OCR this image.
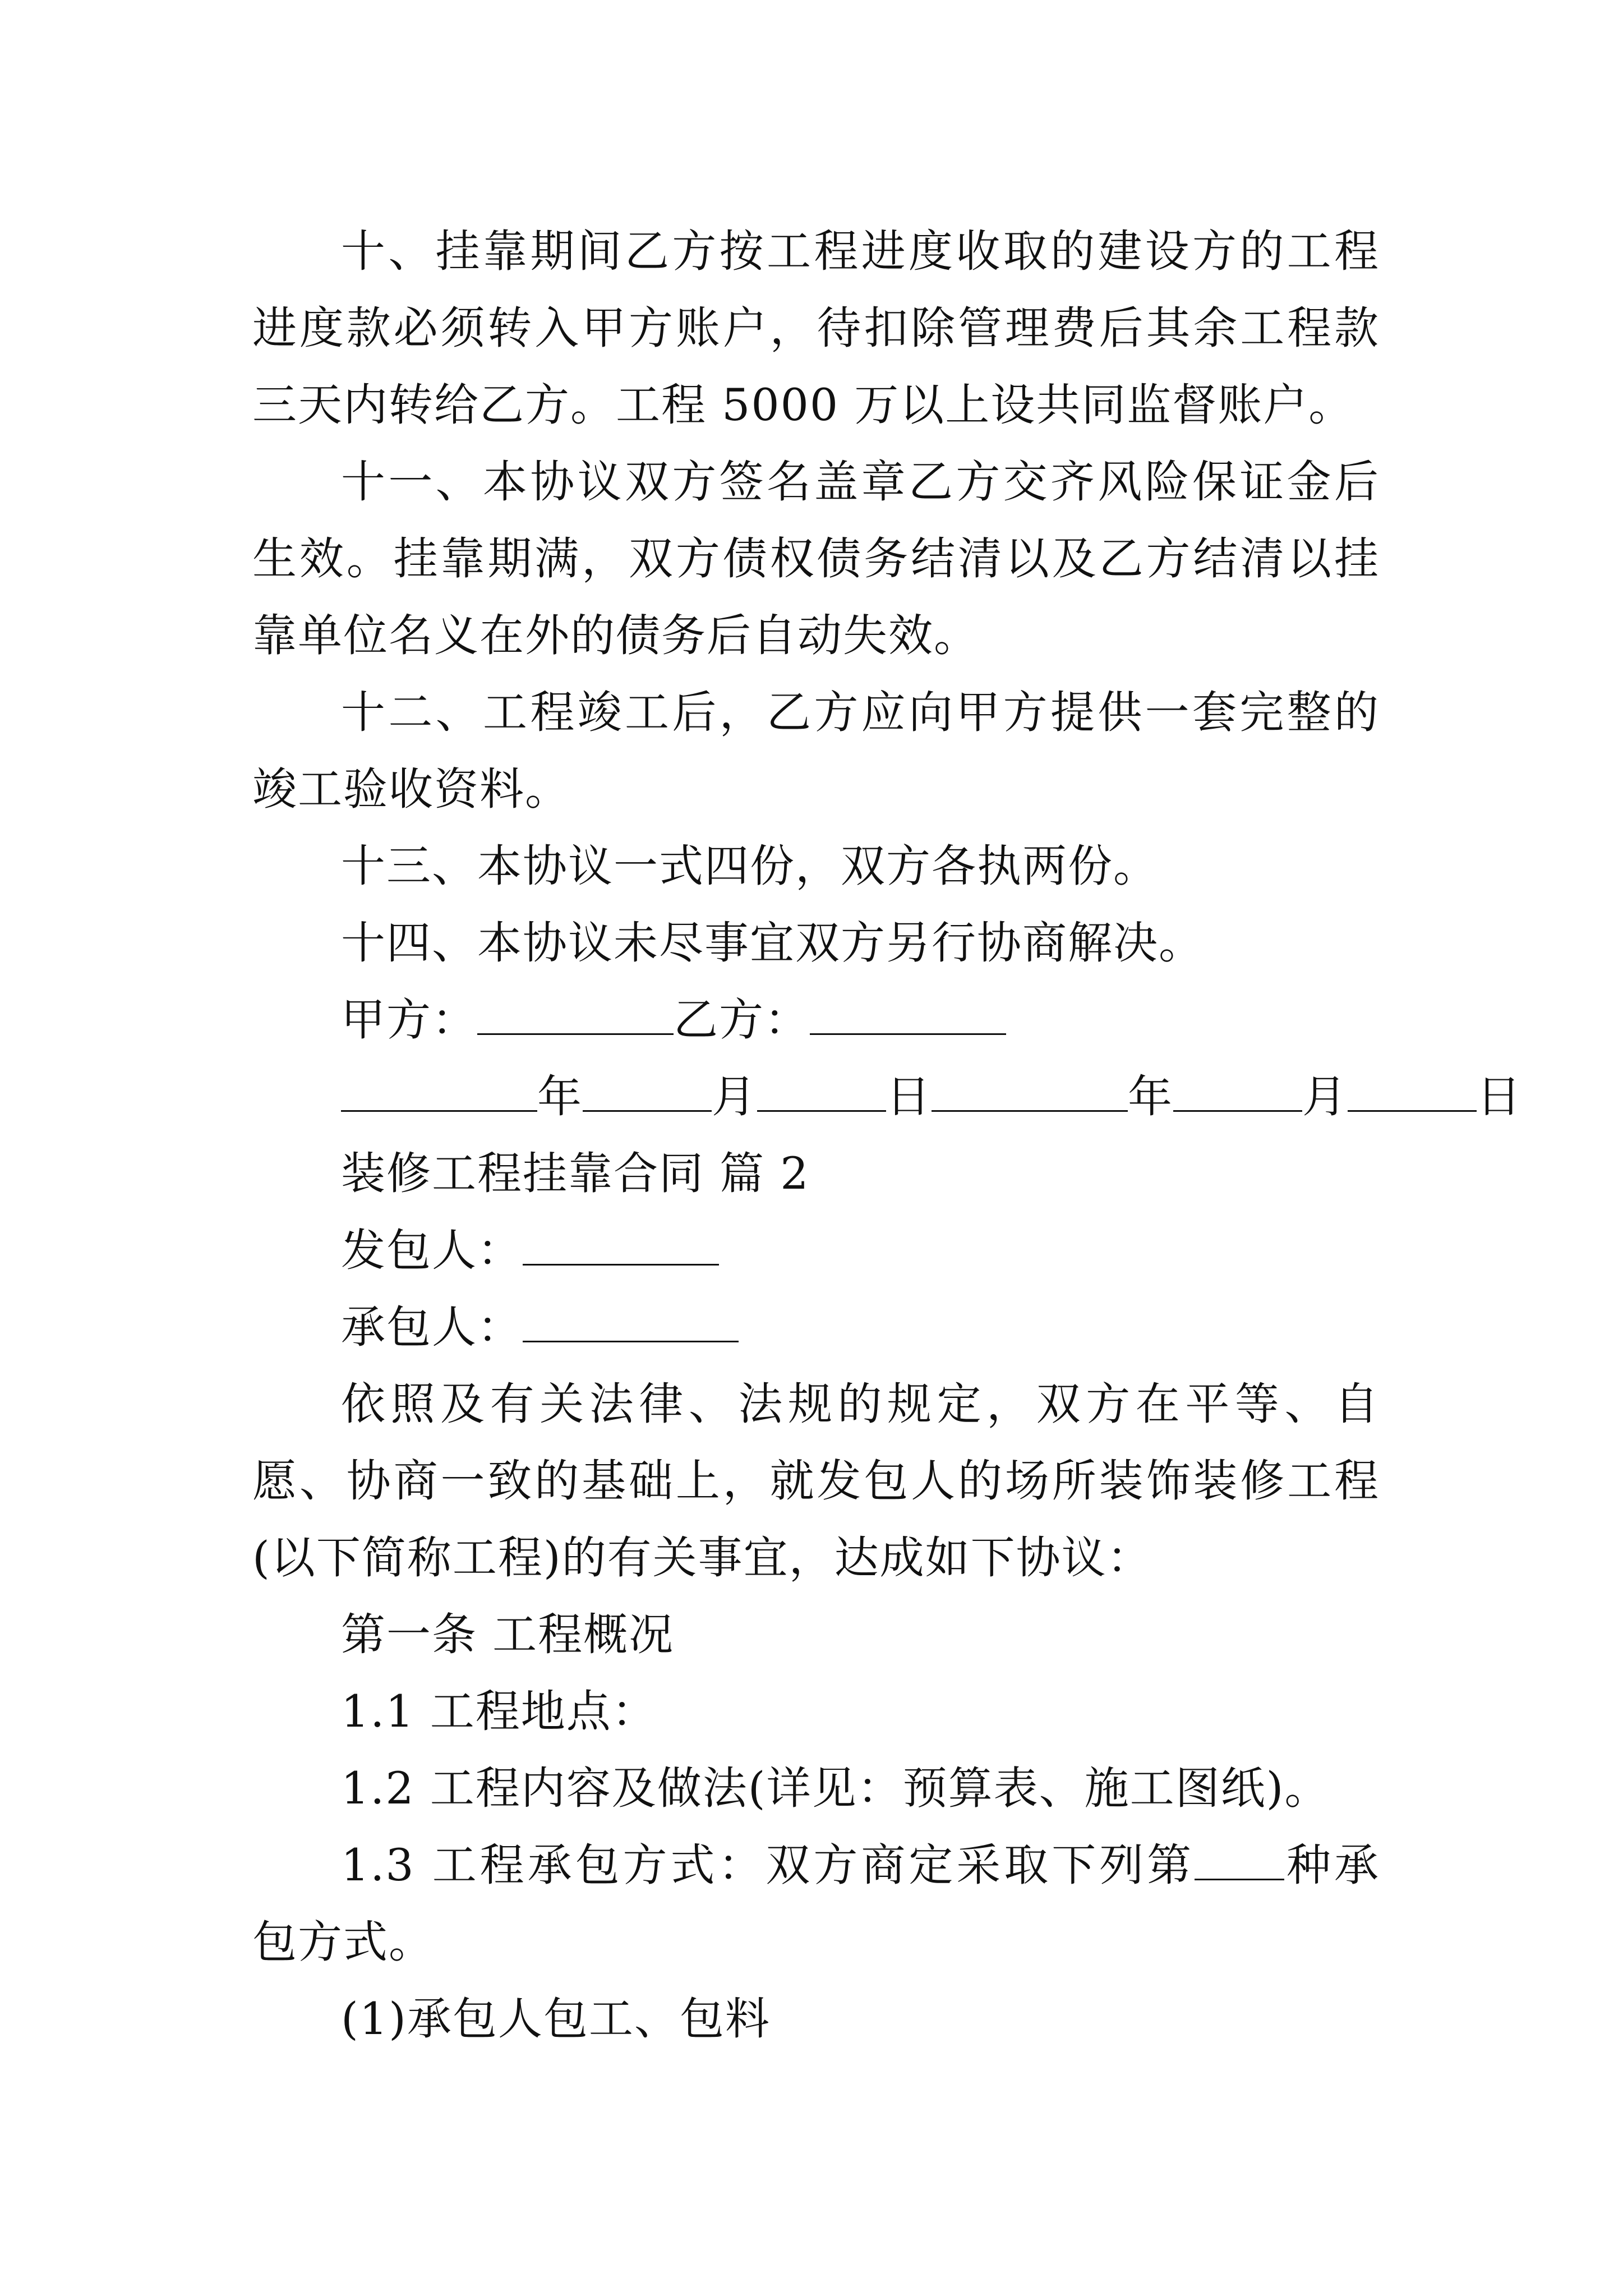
十、挂靠期间乙方按工程进度收取的建设方的工程进度款必须转入甲方账户，待扣除管理费后其余工程款三天内转给乙方。工程 5000 万以上设共同监督账户。

十一、本协议双方签名盖章乙方交齐风险保证金后生效。挂靠期满，双方债权债务结清以及乙方结清以挂靠单位名义在外的债务后自动失效。

十二、工程竣工后，乙方应向甲方提供一套完整的竣工验收资料。

十三、本协议一式四份，双方各执两份。

十四、本协议未尽事宜双方另行协商解决。

甲方：	乙方：
年	月	日	年	月	日
装修工程挂靠合同 篇 2
发包人：
承包人：

依照及有关法律、法规的规定，双方在平等、自愿、协商一致的基础上，就发包人的场所装饰装修工程(以下简称工程)的有关事宜，达成如下协议：

第一条 工程概况
1.1 工程地点：
1.2 工程内容及做法(详见：预算表、施工图纸)。

1.3 工程承包方式：双方商定采取下列第 种承包方式。

(1)承包人包工、包料
